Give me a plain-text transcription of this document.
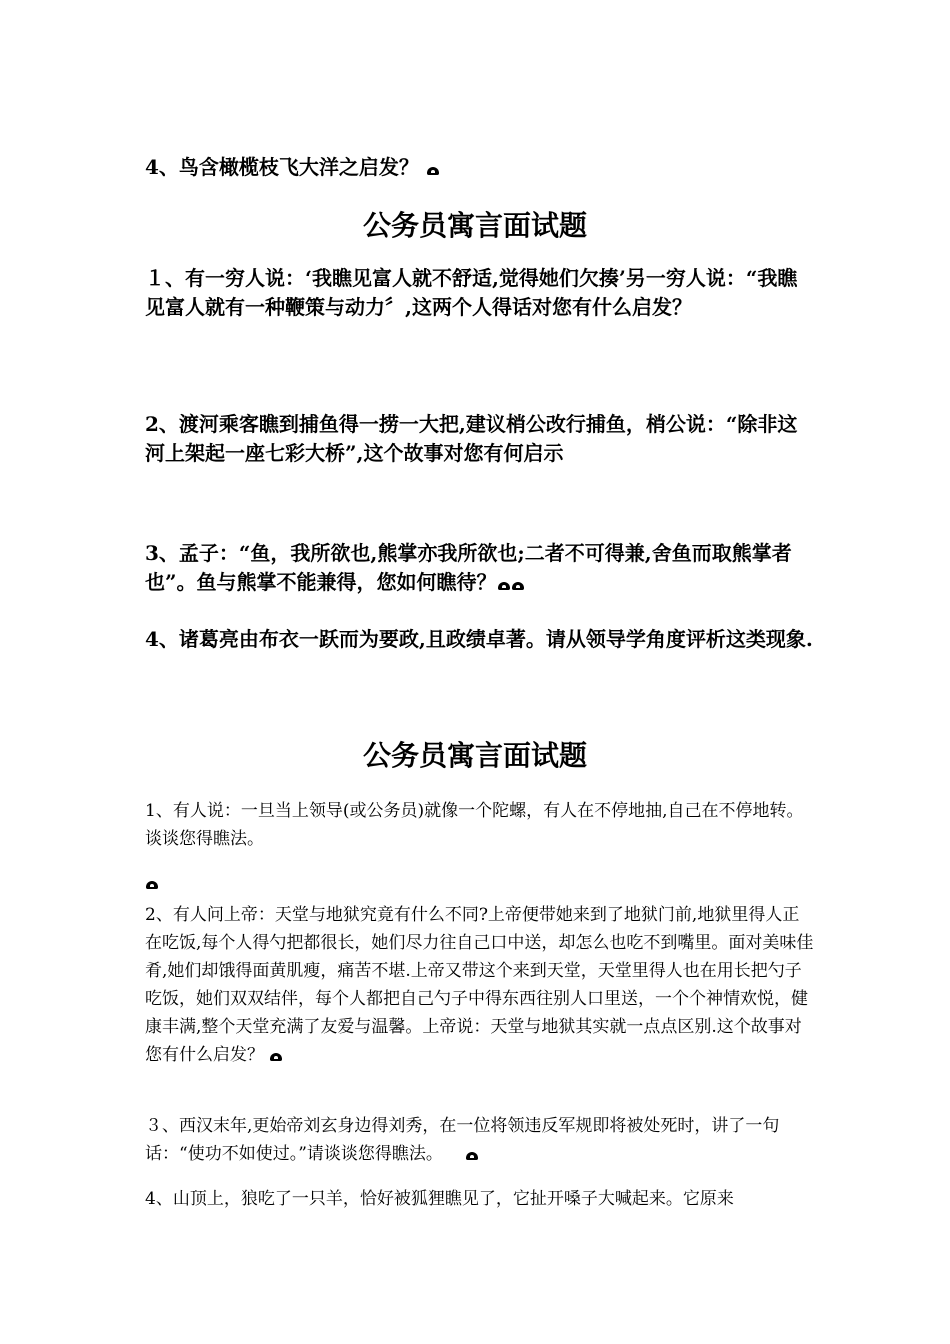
4、鸟含橄榄枝飞大洋之启发？

公务员寓言面试题

１、有一穷人说：‘我瞧见富人就不舒适,觉得她们欠揍’另一穷人说：“我瞧见富人就有一种鞭策与动力〞,这两个人得话对您有什么启发？

2、渡河乘客瞧到捕鱼得一捞一大把,建议梢公改行捕鱼，梢公说：“除非这河上架起一座七彩大桥”,这个故事对您有何启示

3、孟子：“鱼，我所欲也,熊掌亦我所欲也;二者不可得兼,舍鱼而取熊掌者也”。鱼与熊掌不能兼得，您如何瞧待？

4、诸葛亮由布衣一跃而为要政,且政绩卓著。请从领导学角度评析这类现象.

公务员寓言面试题

1、有人说：一旦当上领导(或公务员)就像一个陀螺，有人在不停地抽,自己在不停地转。谈谈您得瞧法。

2、有人问上帝：天堂与地狱究竟有什么不同?上帝便带她来到了地狱门前,地狱里得人正在吃饭,每个人得勺把都很长，她们尽力往自己口中送，却怎么也吃不到嘴里。面对美味佳肴,她们却饿得面黄肌瘦，痛苦不堪.上帝又带这个来到天堂，天堂里得人也在用长把勺子吃饭，她们双双结伴，每个人都把自己勺子中得东西往别人口里送，一个个神情欢悦，健康丰满,整个天堂充满了友爱与温馨。上帝说：天堂与地狱其实就一点点区别.这个故事对您有什么启发？

３、西汉末年,更始帝刘玄身边得刘秀，在一位将领违反军规即将被处死时，讲了一句话：“使功不如使过。”请谈谈您得瞧法。

4、山顶上，狼吃了一只羊，恰好被狐狸瞧见了，它扯开嗓子大喊起来。它原来
